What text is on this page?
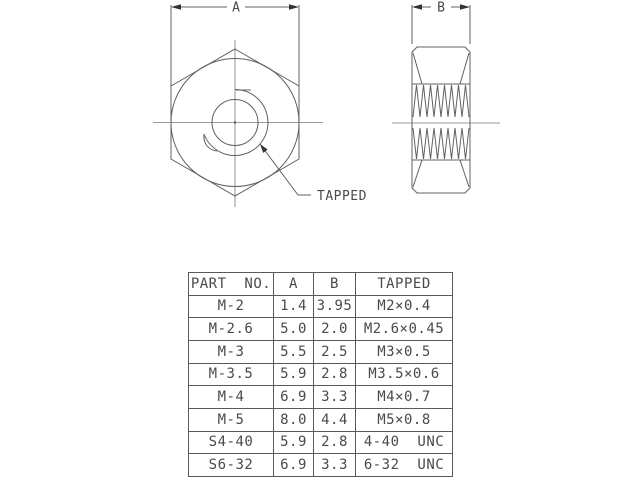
A	B
TAPPED
PART  NO.	A	B	TAPPED
M-2	1.4	3.95	M2×0.4
M-2.6	5.0	2.0	M2.6×0.45
M-3	5.5	2.5	M3×0.5
M-3.5	5.9	2.8	M3.5×0.6
M-4	6.9	3.3	M4×0.7
M-5	8.0	4.4	M5×0.8
S4-40	5.9	2.8	4-40  UNC
S6-32	6.9	3.3	6-32  UNC
